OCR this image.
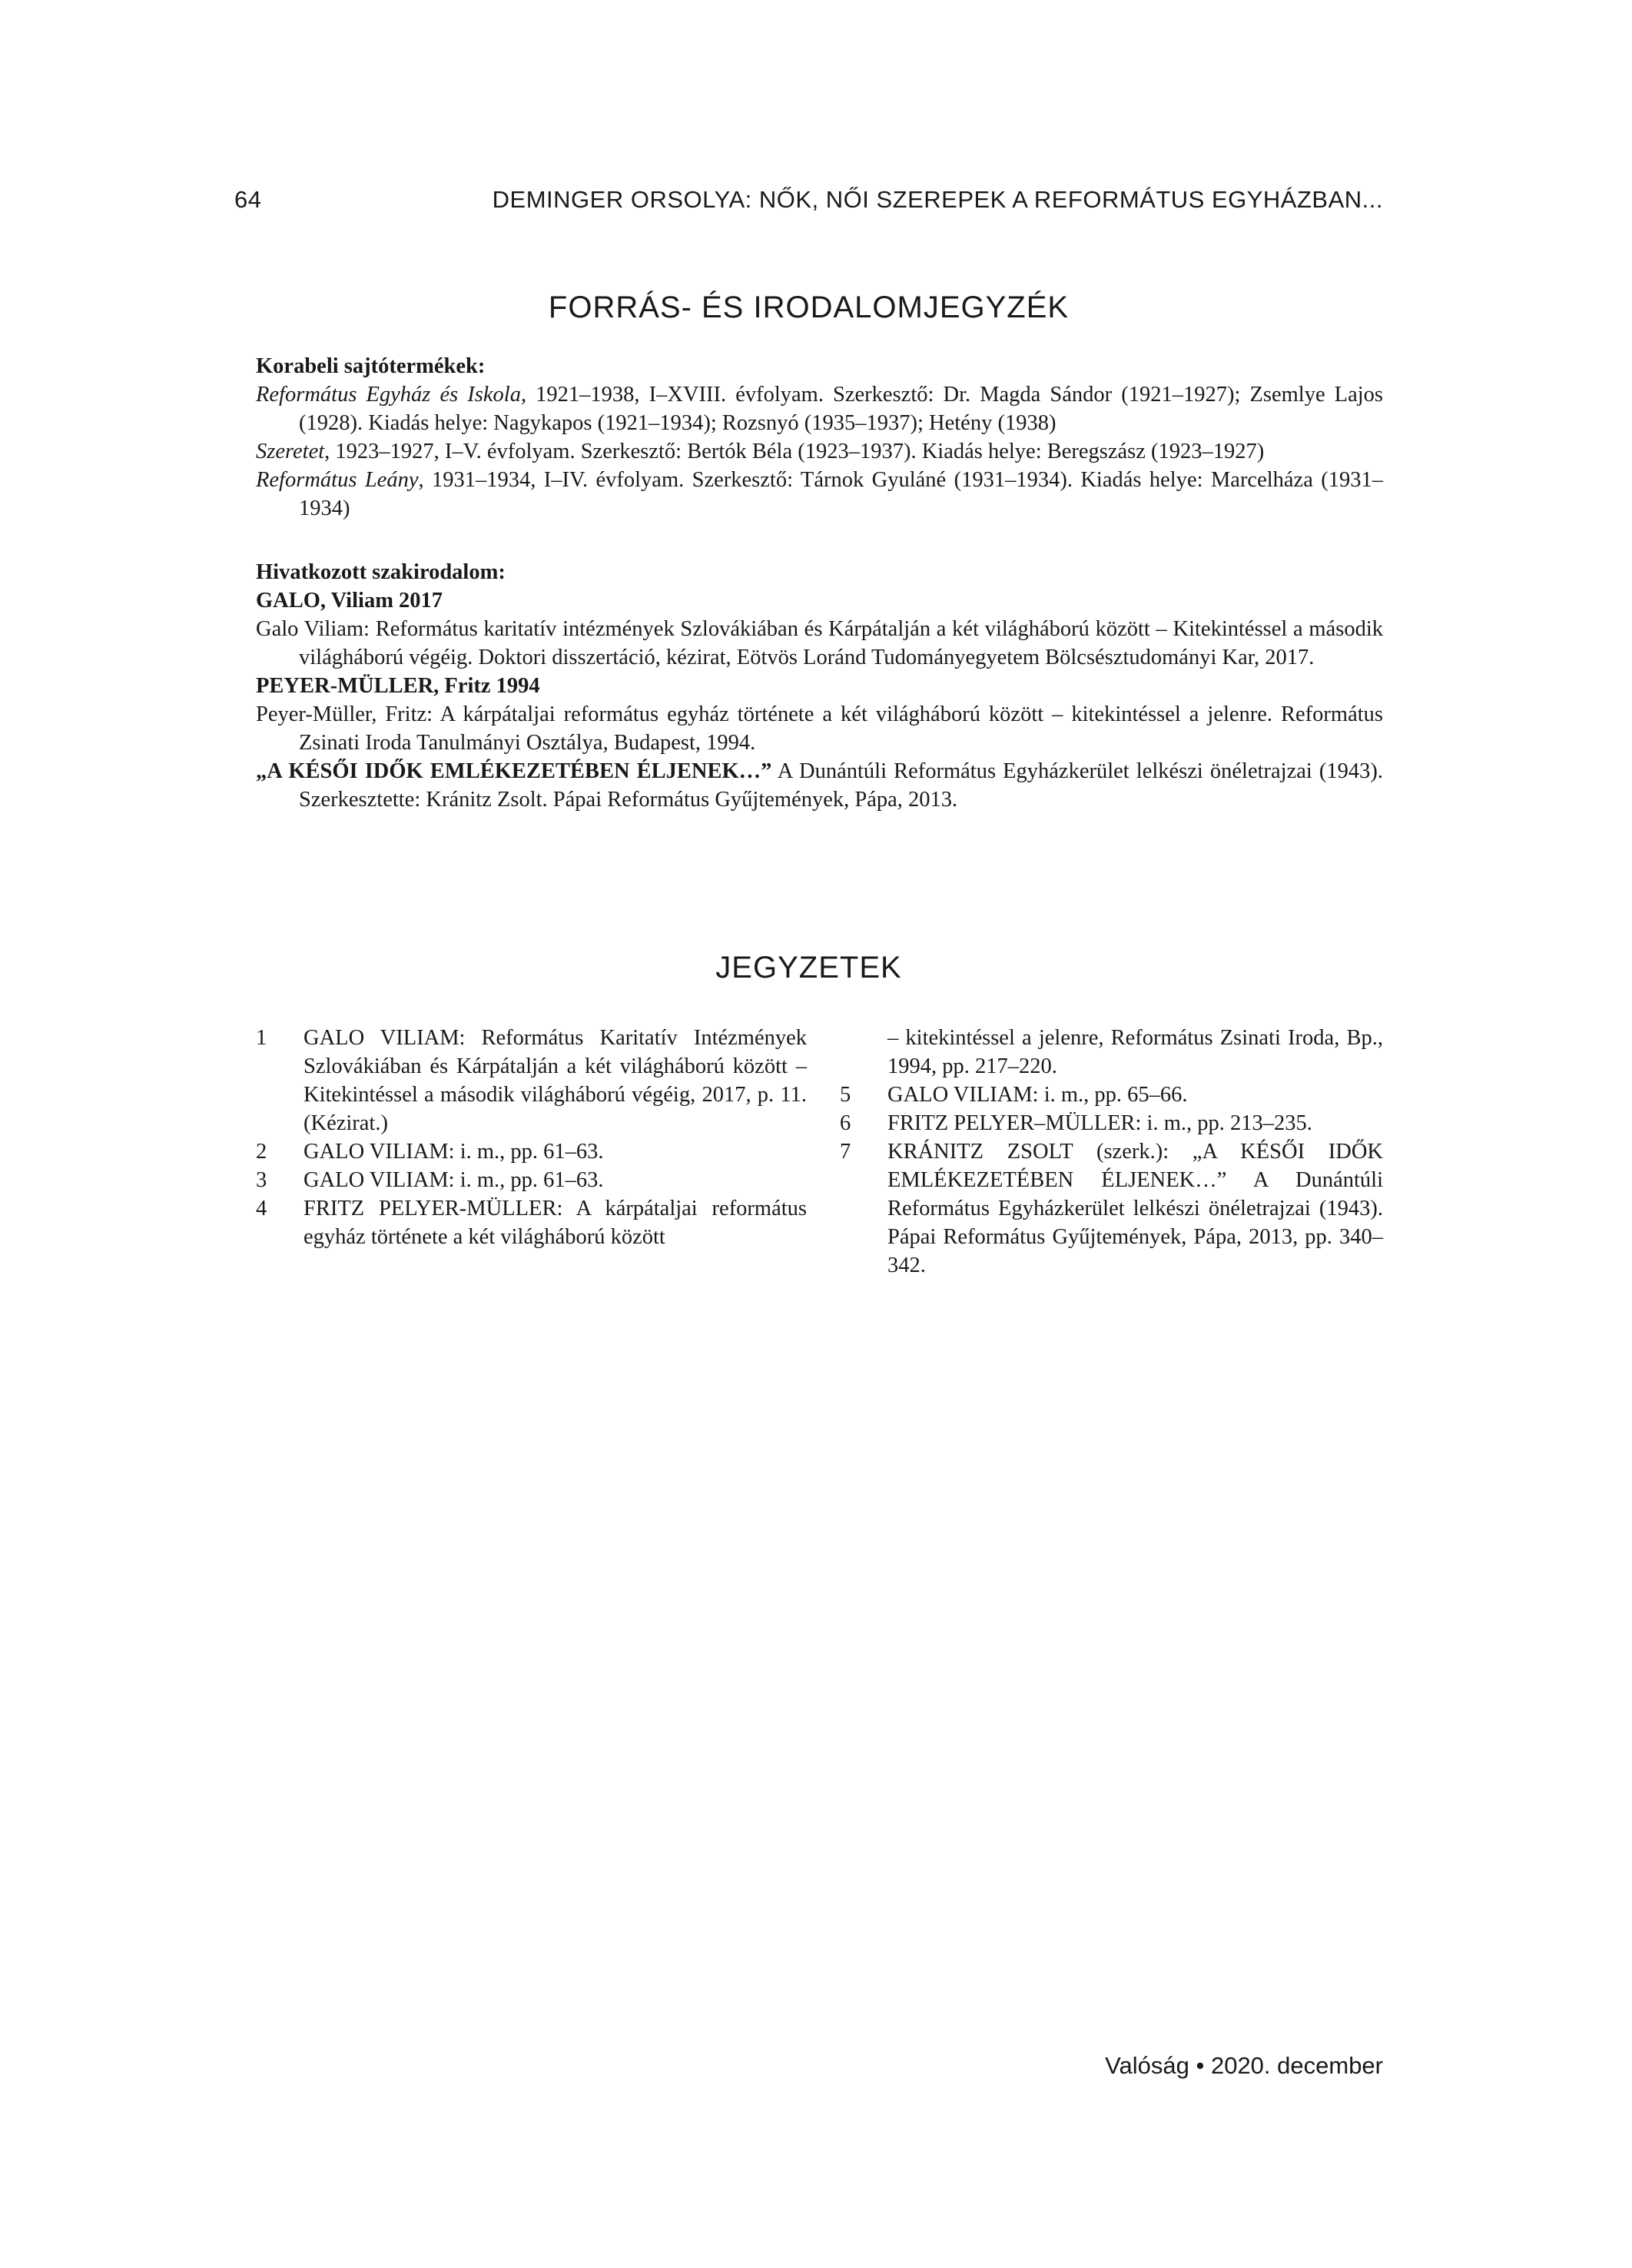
64	DEMINGER ORSOLYA: NŐK, NŐI SZEREPEK A REFORMÁTUS EGYHÁZBAN...
FORRÁS- ÉS IRODALOMJEGYZÉK
Korabeli sajtótermékek:
Református Egyház és Iskola, 1921–1938, I–XVIII. évfolyam. Szerkesztő: Dr. Magda Sándor (1921–1927); Zsemlye Lajos (1928). Kiadás helye: Nagykapos (1921–1934); Rozsnyó (1935–1937); Hetény (1938)
Szeretet, 1923–1927, I–V. évfolyam. Szerkesztő: Bertók Béla (1923–1937). Kiadás helye: Beregszász (1923–1927)
Református Leány, 1931–1934, I–IV. évfolyam. Szerkesztő: Tárnok Gyuláné (1931–1934). Kiadás helye: Marcelháza (1931–1934)
Hivatkozott szakirodalom:
GALO, Viliam 2017
Galo Viliam: Református karitatív intézmények Szlovákiában és Kárpátalján a két világháború között – Kitekintéssel a második világháború végéig. Doktori disszertáció, kézirat, Eötvös Loránd Tudományegyetem Bölcsésztudományi Kar, 2017.
PEYER-MÜLLER, Fritz 1994
Peyer-Müller, Fritz: A kárpátaljai református egyház története a két világháború között – kitekintéssel a jelenre. Református Zsinati Iroda Tanulmányi Osztálya, Budapest, 1994.
„A KÉSŐI IDŐK EMLÉKEZETÉBEN ÉLJENEK…” A Dunántúli Református Egyházkerület lelkészi önéletrajzai (1943). Szerkesztette: Kránitz Zsolt. Pápai Református Gyűjtemények, Pápa, 2013.
JEGYZETEK
1	GALO VILIAM: Református Karitatív Intézmények Szlovákiában és Kárpátalján a két világháború között – Kitekintéssel a második világháború végéig, 2017, p. 11. (Kézirat.)
2	GALO VILIAM: i. m., pp. 61–63.
3	GALO VILIAM: i. m., pp. 61–63.
4	FRITZ PELYER-MÜLLER: A kárpátaljai református egyház története a két világháború között
– kitekintéssel a jelenre, Református Zsinati Iroda, Bp., 1994, pp. 217–220.
5	GALO VILIAM: i. m., pp. 65–66.
6	FRITZ PELYER–MÜLLER: i. m., pp. 213–235.
7	KRÁNITZ ZSOLT (szerk.): „A KÉSŐI IDŐK EMLÉKEZETÉBEN ÉLJENEK…” A Dunántúli Református Egyházkerület lelkészi önéletrajzai (1943). Pápai Református Gyűjtemények, Pápa, 2013, pp. 340–342.
Valóság • 2020. december
